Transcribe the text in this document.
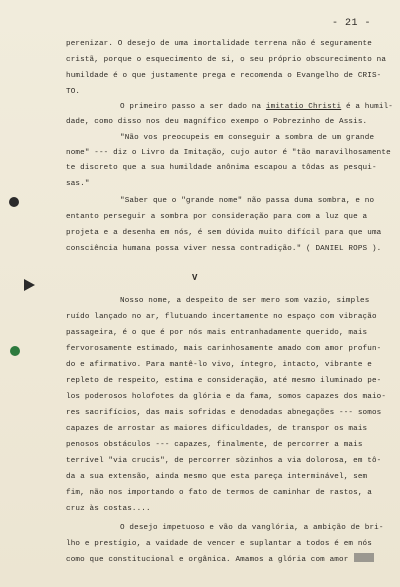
- 21 -
perenizar. O desejo de uma imortalidade terrena não é seguramente
cristã, porque o esquecimento de si, o seu próprio obscurecimento na
humildade é o que justamente prega e recomenda o Evangelho de CRIS-
TO.
O primeiro passo a ser dado na imitatio Christi é a humil-
dade, como disso nos deu magnífico exempo o Pobrezinho de Assis.
"Não vos preocupeis em conseguir a sombra de um grande
nome" --- diz o Livro da Imitação, cujo autor é "tão maravilhosamente
te discreto que a sua humildade anônima escapou a tôdas as pesqui-
sas."
"Saber que o "grande nome" não passa duma sombra, e no
entanto perseguir a sombra por consideração para com a luz que a
projeta e a desenha em nós, é sem dúvida muito difícil para que uma
consciência humana possa viver nessa contradição." ( DANIEL ROPS ).
V
Nosso nome, a despeito de ser mero som vazio, simples
ruído lançado no ar, flutuando incertamente no espaço com vibração
passageira, é o que é por nós mais entranhadamente querido, mais
fervorosamente estimado, mais carinhosamente amado com amor profun-
do e afirmativo. Para mantê-lo vivo, íntegro, intacto, vibrante e
repleto de respeito, estima e consideração, até mesmo iluminado pe-
los poderosos holofotes da glória e da fama, somos capazes dos maio-
res sacrifícios, das mais sofridas e denodadas abnegações --- somos
capazes de arrostar as maiores dificuldades, de transpor os mais
penosos obstáculos --- capazes, finalmente, de percorrer a mais
terrível "via crucis", de percorrer sòzinhos a via dolorosa, em tô-
da a sua extensão, ainda mesmo que esta pareça interminável, sem
fim, não nos importando o fato de termos de caminhar de rastos, a
cruz às costas....
O desejo impetuoso e vão da vanglória, a ambição de bri-
lho e prestígio, a vaidade de vencer e suplantar a todos é em nós
como que constitucional e orgânica. Amamos a glória com amor
